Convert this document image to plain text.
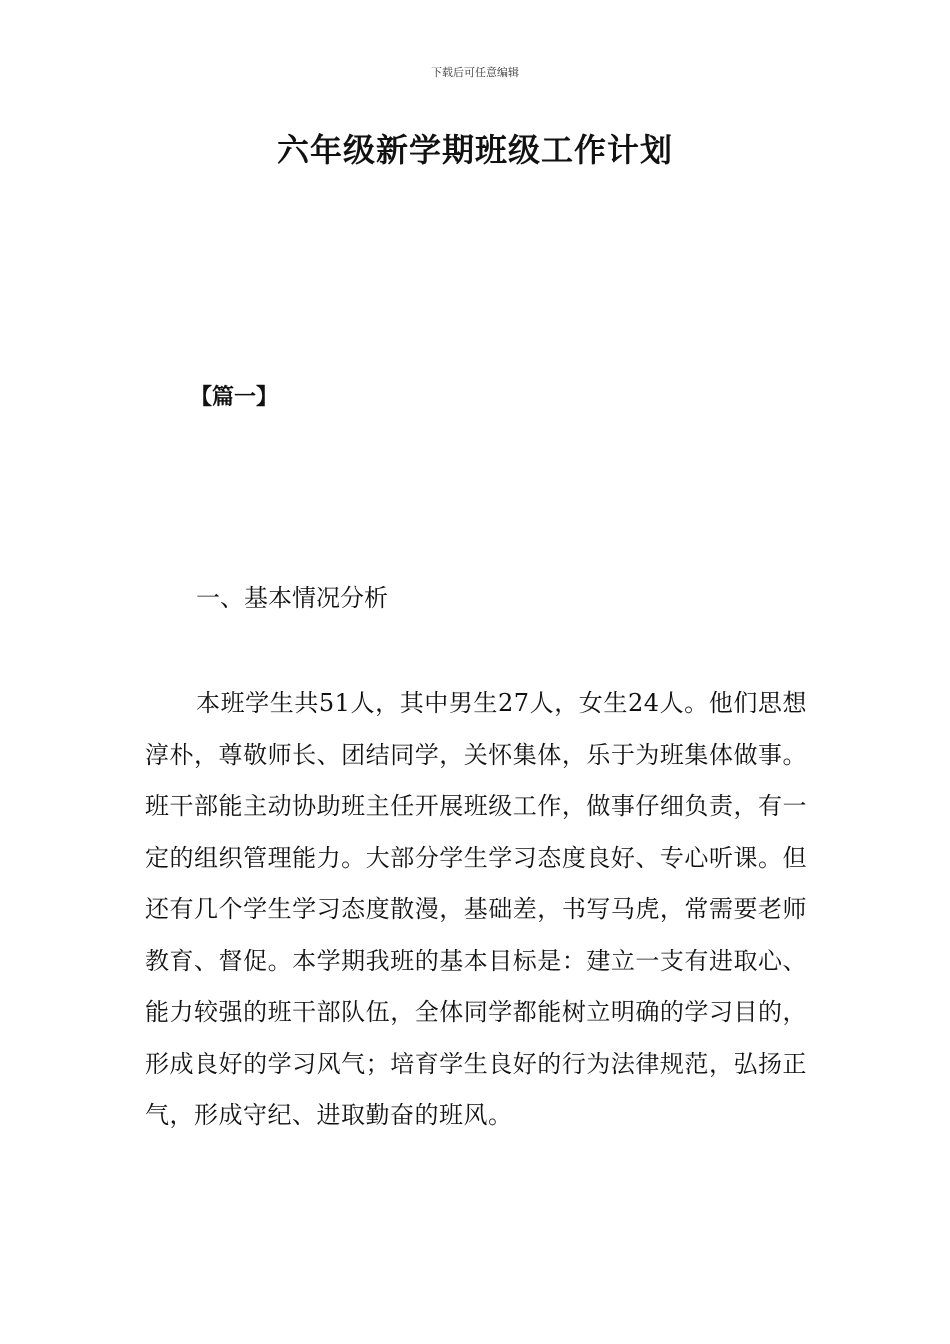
下载后可任意编辑
六年级新学期班级工作计划

【篇一】

一、基本情况分析

本班学生共51人，其中男生27人，女生24人。他们思想淳朴，尊敬师长、团结同学，关怀集体，乐于为班集体做事。班干部能主动协助班主任开展班级工作，做事仔细负责，有一定的组织管理能力。大部分学生学习态度良好、专心听课。但还有几个学生学习态度散漫，基础差，书写马虎，常需要老师教育、督促。本学期我班的基本目标是：建立一支有进取心、能力较强的班干部队伍，全体同学都能树立明确的学习目的，形成良好的学习风气；培育学生良好的行为法律规范，弘扬正气，形成守纪、进取勤奋的班风。
